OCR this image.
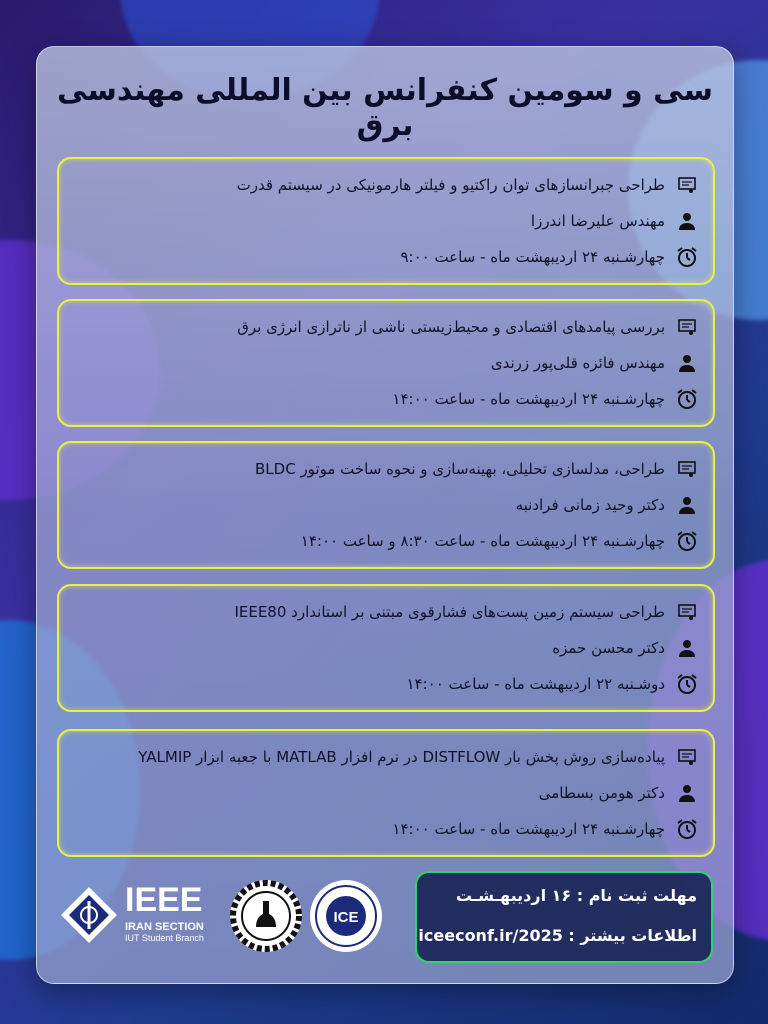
سی و سومین کنفرانس بین المللی مهندسی برق
طراحی جبرانسازهای توان راکتیو و فیلتر هارمونیکی در سیستم قدرت
مهندس علیرضا اندرزا
چهارشـنبه ۲۴ اردیبهشت ماه - ساعت ۹:۰۰
بررسی پیامدهای اقتصادی و محیط‌زیستی ناشی از ناترازی انرژی برق
مهندس فائزه قلی‌پور زرندی
چهارشـنبه ۲۴ اردیبهشت ماه - ساعت ۱۴:۰۰
طراحی، مدلسازی تحلیلی، بهینه‌سازی و نحوه ساخت موتور BLDC
دکتر وحید زمانی فرادنبه
چهارشـنبه ۲۴ اردیبهشت ماه - ساعت ۸:۳۰ و ساعت ۱۴:۰۰
طراحی سیستم زمین پست‌های فشارقوی مبتنی بر استاندارد IEEE80
دکتر محسن حمزه
دوشـنبه ۲۲ اردیبهشت ماه - ساعت ۱۴:۰۰
پیاده‌سازی روش پخش بار DISTFLOW در نرم افزار MATLAB با جعبه ابزار YALMIP
دکتر هومن بسطامی
چهارشـنبه ۲۴ اردیبهشت ماه - ساعت ۱۴:۰۰
مهلت ثبت نام : ۱۶ اردیبهـشـت
اطلاعات بیشتر : iceeconf.ir/2025
ICE
IEEE
IRAN SECTION
IUT Student Branch
